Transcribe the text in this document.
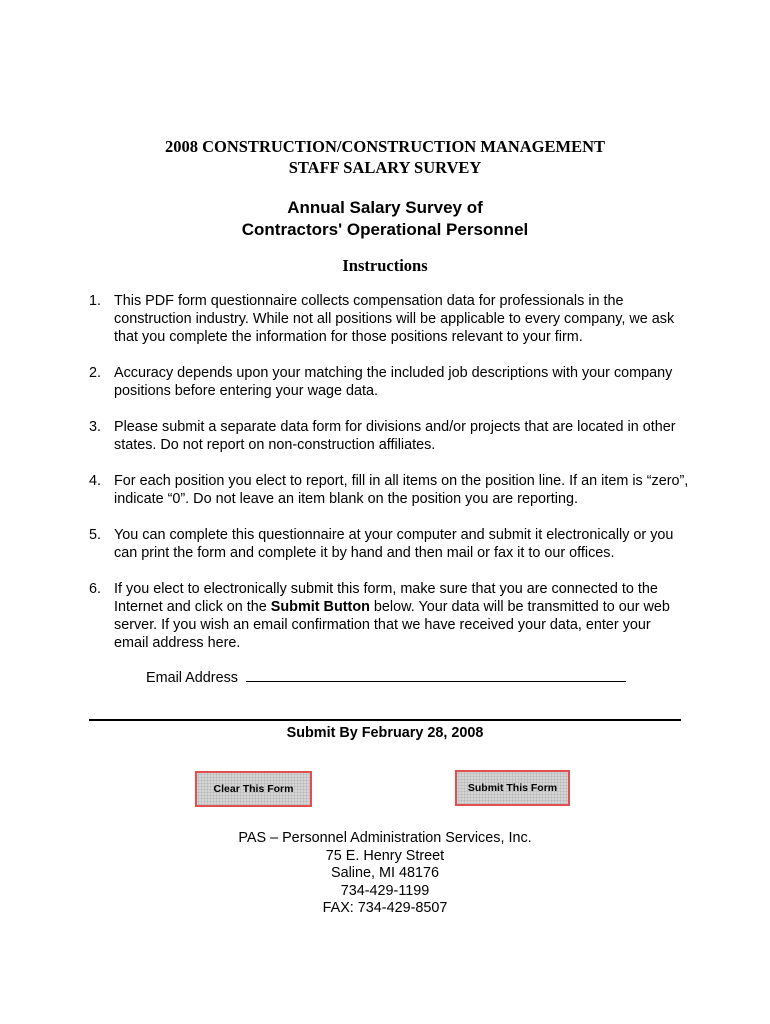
2008 CONSTRUCTION/CONSTRUCTION MANAGEMENT
STAFF SALARY SURVEY
Annual Salary Survey of
Contractors' Operational Personnel
Instructions
1. This PDF form questionnaire collects compensation data for professionals in the construction industry. While not all positions will be applicable to every company, we ask that you complete the information for those positions relevant to your firm.
2. Accuracy depends upon your matching the included job descriptions with your company positions before entering your wage data.
3. Please submit a separate data form for divisions and/or projects that are located in other states. Do not report on non-construction affiliates.
4. For each position you elect to report, fill in all items on the position line. If an item is “zero”, indicate “0”. Do not leave an item blank on the position you are reporting.
5. You can complete this questionnaire at your computer and submit it electronically or you can print the form and complete it by hand and then mail or fax it to our offices.
6. If you elect to electronically submit this form, make sure that you are connected to the Internet and click on the Submit Button below. Your data will be transmitted to our web server. If you wish an email confirmation that we have received your data, enter your email address here.
Email Address
Submit By February 28, 2008
Clear This Form	Submit This Form
PAS – Personnel Administration Services, Inc.
75 E. Henry Street
Saline, MI 48176
734-429-1199
FAX: 734-429-8507
